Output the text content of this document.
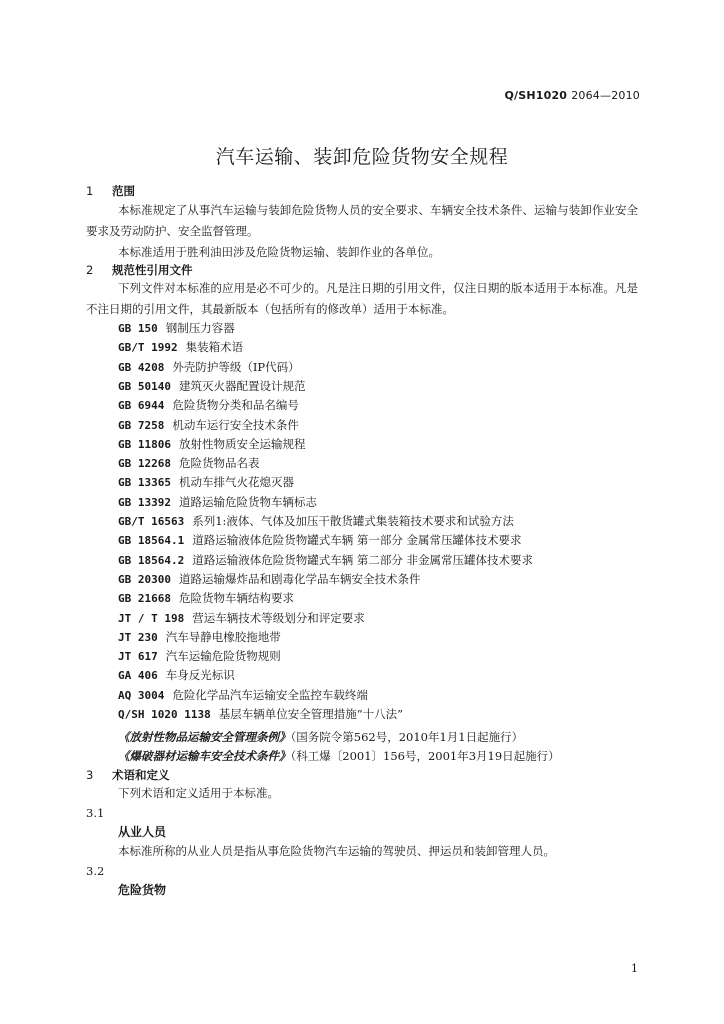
Q/SH1020 2064—2010
汽车运输、装卸危险货物安全规程
1 范围
本标准规定了从事汽车运输与装卸危险货物人员的安全要求、车辆安全技术条件、运输与装卸作业安全要求及劳动防护、安全监督管理。
本标准适用于胜利油田涉及危险货物运输、装卸作业的各单位。
2 规范性引用文件
下列文件对本标准的应用是必不可少的。凡是注日期的引用文件，仅注日期的版本适用于本标准。凡是不注日期的引用文件，其最新版本（包括所有的修改单）适用于本标准。
GB 150 钢制压力容器
GB/T 1992 集装箱术语
GB 4208 外壳防护等级（IP代码）
GB 50140 建筑灭火器配置设计规范
GB 6944 危险货物分类和品名编号
GB 7258 机动车运行安全技术条件
GB 11806 放射性物质安全运输规程
GB 12268 危险货物品名表
GB 13365 机动车排气火花熄灭器
GB 13392 道路运输危险货物车辆标志
GB/T 16563 系列1:液体、气体及加压干散货罐式集装箱技术要求和试验方法
GB 18564.1 道路运输液体危险货物罐式车辆 第一部分 金属常压罐体技术要求
GB 18564.2 道路运输液体危险货物罐式车辆 第二部分 非金属常压罐体技术要求
GB 20300 道路运输爆炸品和剧毒化学品车辆安全技术条件
GB 21668 危险货物车辆结构要求
JT / T 198 营运车辆技术等级划分和评定要求
JT 230 汽车导静电橡胶拖地带
JT 617 汽车运输危险货物规则
GA 406 车身反光标识
AQ 3004 危险化学品汽车运输安全监控车载终端
Q/SH 1020 1138 基层车辆单位安全管理措施“十八法”
《放射性物品运输安全管理条例》（国务院令第562号，2010年1月1日起施行）
《爆破器材运输车安全技术条件》（科工爆〔2001〕156号，2001年3月19日起施行）
3 术语和定义
下列术语和定义适用于本标准。
3.1
从业人员
本标准所称的从业人员是指从事危险货物汽车运输的驾驶员、押运员和装卸管理人员。
3.2
危险货物
1
